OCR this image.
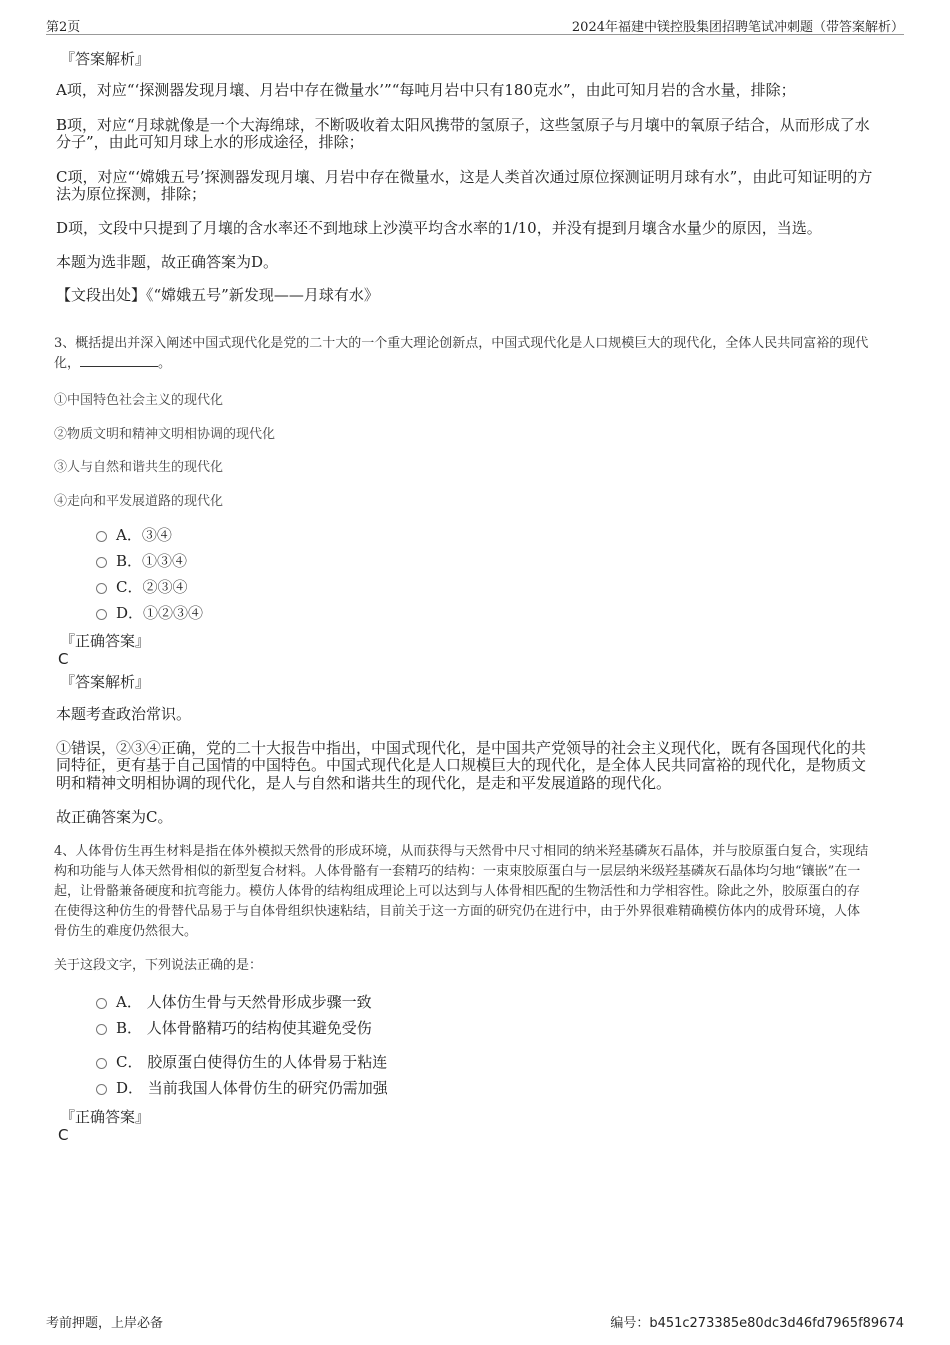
第2页	2024年福建中镁控股集团招聘笔试冲刺题（带答案解析）
『答案解析』
A项，对应“‘探测器发现月壤、月岩中存在微量水’”“每吨月岩中只有180克水”，由此可知月岩的含水量，排除；
B项，对应“月球就像是一个大海绵球，不断吸收着太阳风携带的氢原子，这些氢原子与月壤中的氧原子结合，从而形成了水
分子”，由此可知月球上水的形成途径，排除；
C项，对应“‘嫦娥五号’探测器发现月壤、月岩中存在微量水，这是人类首次通过原位探测证明月球有水”，由此可知证明的方
法为原位探测，排除；
D项，文段中只提到了月壤的含水率还不到地球上沙漠平均含水率的1/10，并没有提到月壤含水量少的原因，当选。
本题为选非题，故正确答案为D。
【文段出处】《“嫦娥五号”新发现——月球有水》
3、概括提出并深入阐述中国式现代化是党的二十大的一个重大理论创新点，中国式现代化是人口规模巨大的现代化，全体人民共同富裕的现代
化，	。
①中国特色社会主义的现代化
②物质文明和精神文明相协调的现代化
③人与自然和谐共生的现代化
④走向和平发展道路的现代化
A．③④
B．①③④
C．②③④
D．①②③④
『正确答案』
C
『答案解析』
本题考查政治常识。
①错误，②③④正确，党的二十大报告中指出，中国式现代化，是中国共产党领导的社会主义现代化，既有各国现代化的共
同特征，更有基于自己国情的中国特色。中国式现代化是人口规模巨大的现代化，是全体人民共同富裕的现代化，是物质文
明和精神文明相协调的现代化，是人与自然和谐共生的现代化，是走和平发展道路的现代化。
故正确答案为C。
4、人体骨仿生再生材料是指在体外模拟天然骨的形成环境，从而获得与天然骨中尺寸相同的纳米羟基磷灰石晶体，并与胶原蛋白复合，实现结
构和功能与人体天然骨相似的新型复合材料。人体骨骼有一套精巧的结构：一束束胶原蛋白与一层层纳米级羟基磷灰石晶体均匀地“镶嵌”在一
起，让骨骼兼备硬度和抗弯能力。模仿人体骨的结构组成理论上可以达到与人体骨相匹配的生物活性和力学相容性。除此之外，胶原蛋白的存
在使得这种仿生的骨替代品易于与自体骨组织快速粘结，目前关于这一方面的研究仍在进行中，由于外界很难精确模仿体内的成骨环境，人体
骨仿生的难度仍然很大。
关于这段文字，下列说法正确的是：
A． 人体仿生骨与天然骨形成步骤一致
B． 人体骨骼精巧的结构使其避免受伤
C． 胶原蛋白使得仿生的人体骨易于粘连
D． 当前我国人体骨仿生的研究仍需加强
『正确答案』
C
考前押题，上岸必备	编号：b451c273385e80dc3d46fd7965f89674
